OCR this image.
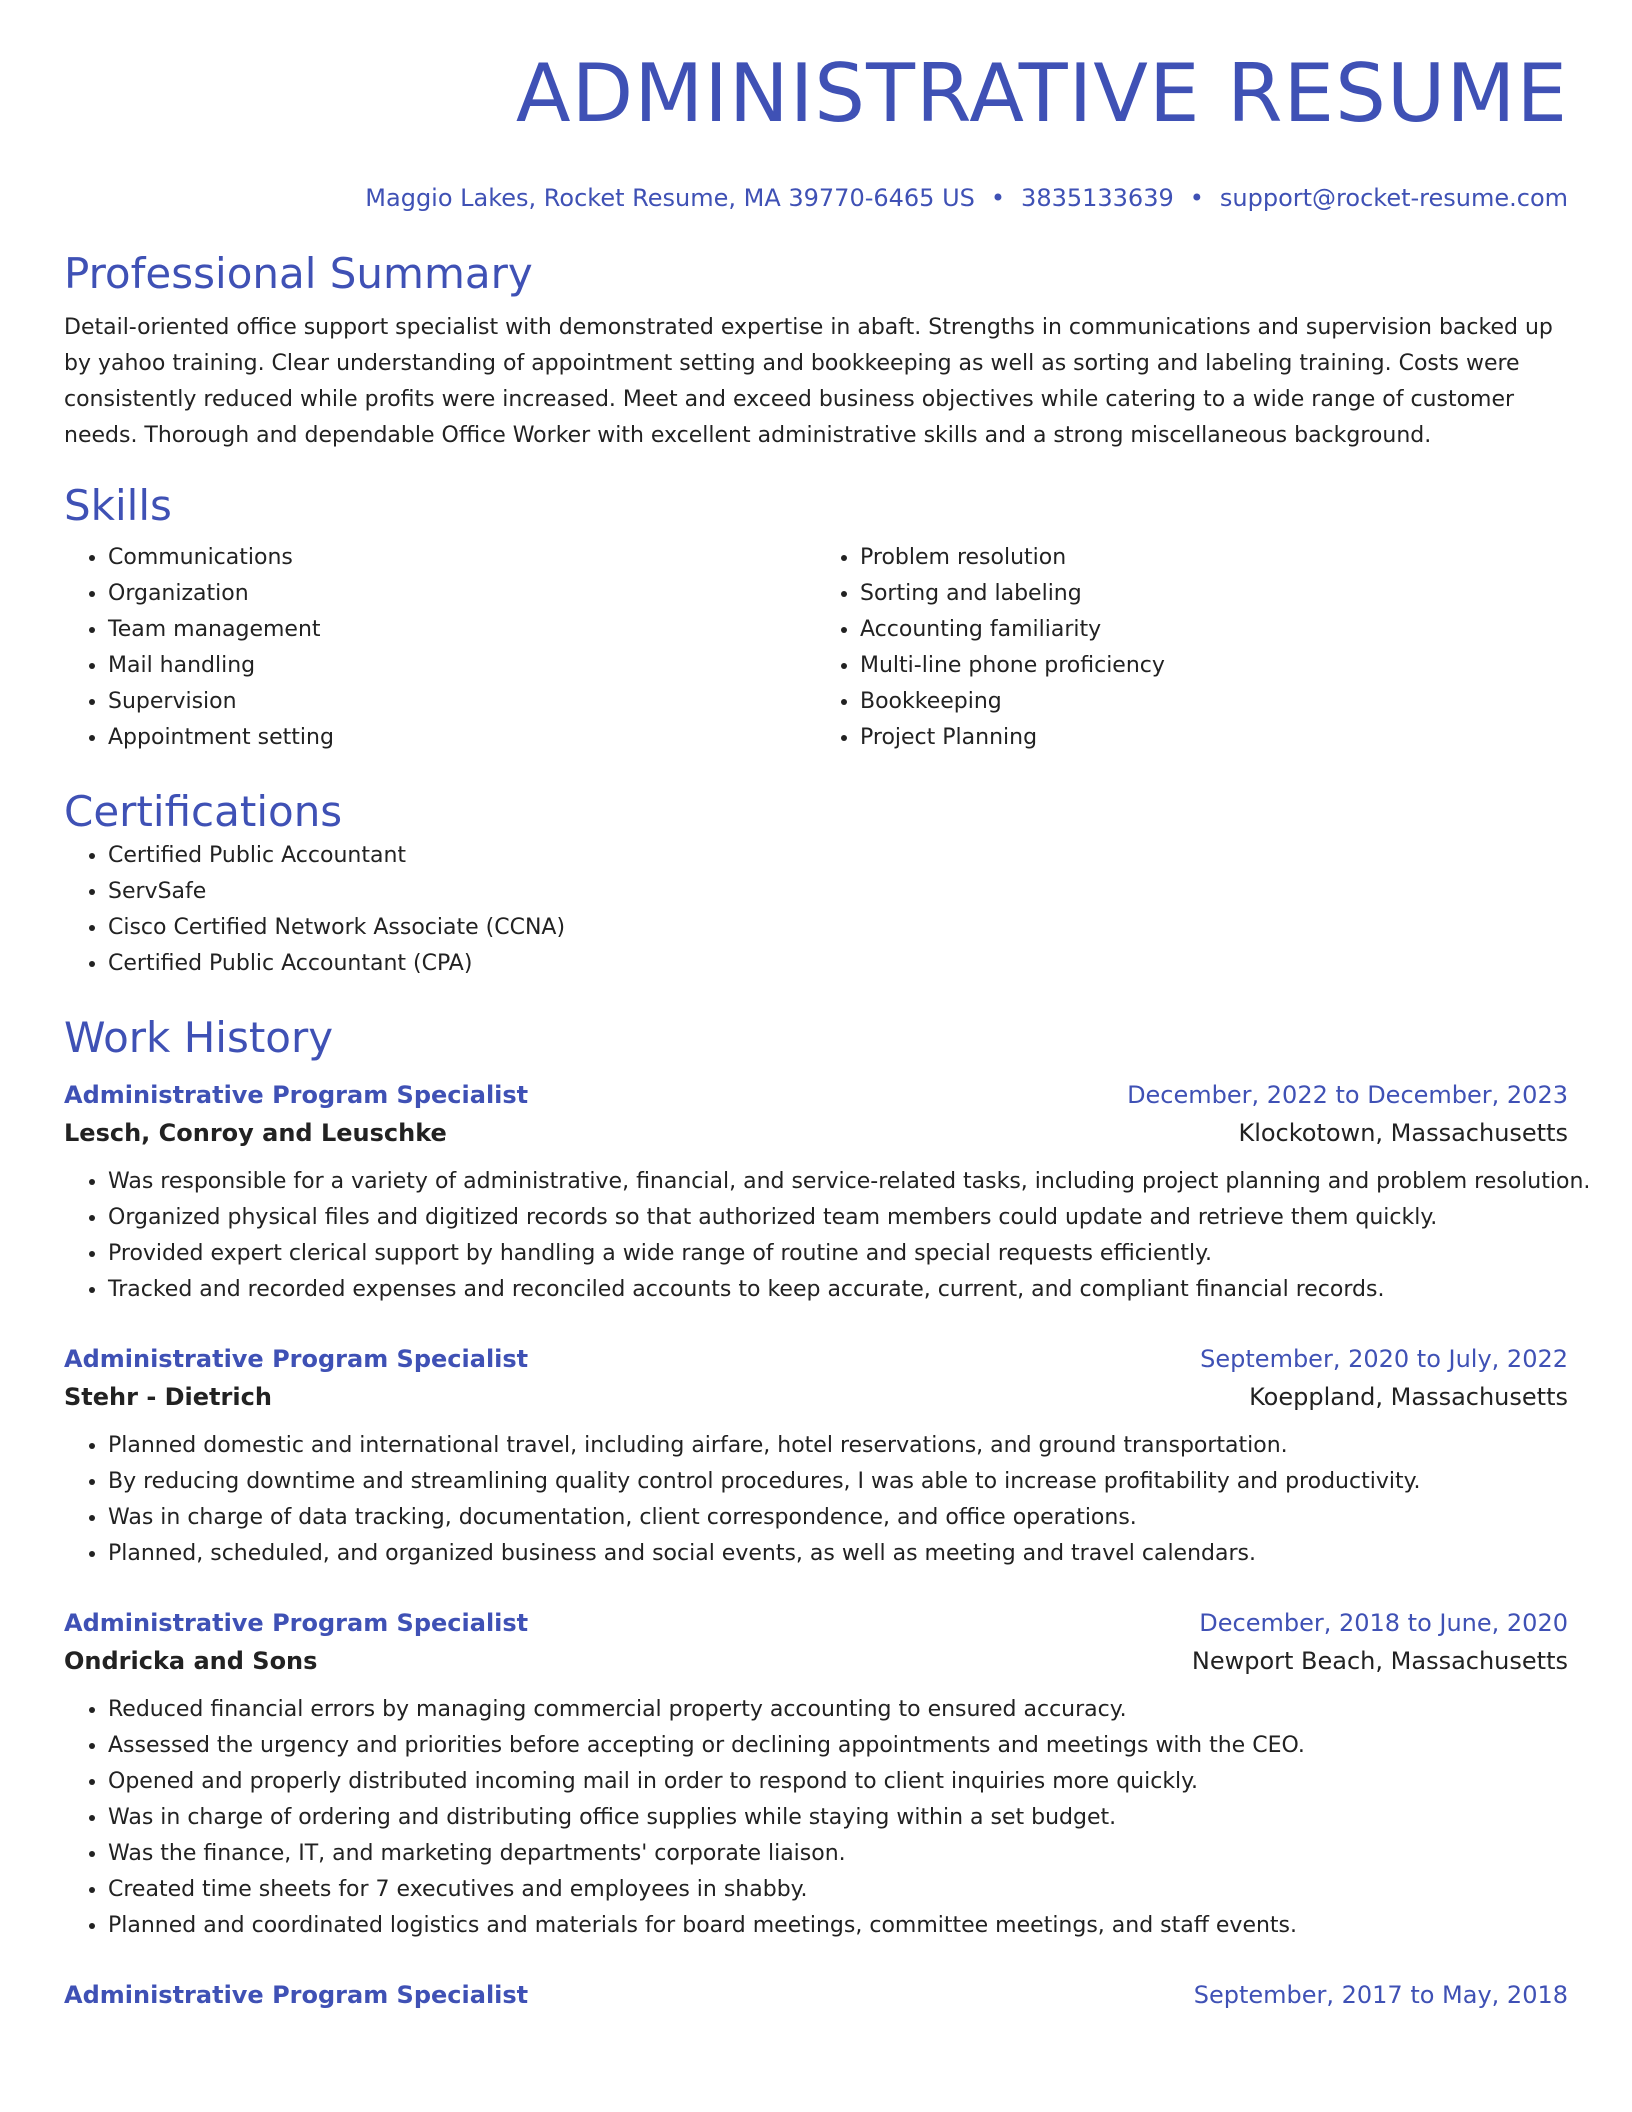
ADMINISTRATIVE RESUME
Maggio Lakes, Rocket Resume, MA 39770-6465 US • 3835133639 • support@rocket-resume.com
Professional Summary

Detail-oriented office support specialist with demonstrated expertise in abaft. Strengths in communications and supervision backed up by yahoo training. Clear understanding of appointment setting and bookkeeping as well as sorting and labeling training. Costs were consistently reduced while profits were increased. Meet and exceed business objectives while catering to a wide range of customer needs. Thorough and dependable Office Worker with excellent administrative skills and a strong miscellaneous background.

Skills
• Communications
• Organization
• Team management
• Mail handling
• Supervision
• Appointment setting
• Problem resolution
• Sorting and labeling
• Accounting familiarity
• Multi-line phone proficiency
• Bookkeeping
• Project Planning
Certifications
• Certified Public Accountant
• ServSafe
• Cisco Certified Network Associate (CCNA)
• Certified Public Accountant (CPA)
Work History
Administrative Program Specialist	December, 2022 to December, 2023
Lesch, Conroy and Leuschke	Klockotown, Massachusetts
• Was responsible for a variety of administrative, financial, and service-related tasks, including project planning and problem resolution.
• Organized physical files and digitized records so that authorized team members could update and retrieve them quickly.
• Provided expert clerical support by handling a wide range of routine and special requests efficiently.
• Tracked and recorded expenses and reconciled accounts to keep accurate, current, and compliant financial records.
Administrative Program Specialist	September, 2020 to July, 2022
Stehr - Dietrich	Koeppland, Massachusetts
• Planned domestic and international travel, including airfare, hotel reservations, and ground transportation.
• By reducing downtime and streamlining quality control procedures, I was able to increase profitability and productivity.
• Was in charge of data tracking, documentation, client correspondence, and office operations.
• Planned, scheduled, and organized business and social events, as well as meeting and travel calendars.
Administrative Program Specialist	December, 2018 to June, 2020
Ondricka and Sons	Newport Beach, Massachusetts
• Reduced financial errors by managing commercial property accounting to ensured accuracy.
• Assessed the urgency and priorities before accepting or declining appointments and meetings with the CEO.
• Opened and properly distributed incoming mail in order to respond to client inquiries more quickly.
• Was in charge of ordering and distributing office supplies while staying within a set budget.
• Was the finance, IT, and marketing departments' corporate liaison.
• Created time sheets for 7 executives and employees in shabby.
• Planned and coordinated logistics and materials for board meetings, committee meetings, and staff events.
Administrative Program Specialist	September, 2017 to May, 2018
